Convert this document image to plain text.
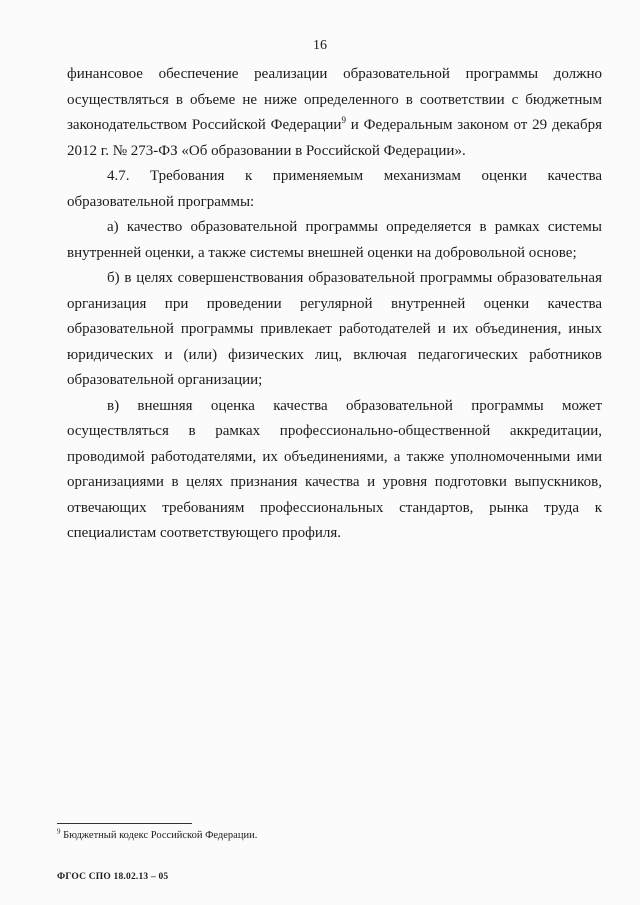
16

финансовое обеспечение реализации образовательной программы должно осуществляться в объеме не ниже определенного в соответствии с бюджетным законодательством Российской Федерации$^9$ и Федеральным законом от 29 декабря 2012 г. № 273-ФЗ «Об образовании в Российской Федерации».

4.7. Требования к применяемым механизмам оценки качества образовательной программы:

а) качество образовательной программы определяется в рамках системы внутренней оценки, а также системы внешней оценки на добровольной основе;

б) в целях совершенствования образовательной программы образовательная организация при проведении регулярной внутренней оценки качества образовательной программы привлекает работодателей и их объединения, иных юридических и (или) физических лиц, включая педагогических работников образовательной организации;

в) внешняя оценка качества образовательной программы может осуществляться в рамках профессионально-общественной аккредитации, проводимой работодателями, их объединениями, а также уполномоченными ими организациями в целях признания качества и уровня подготовки выпускников, отвечающих требованиям профессиональных стандартов, рынка труда к специалистам соответствующего профиля.

$^9$ Бюджетный кодекс Российской Федерации.
ФГОС СПО 18.02.13 – 05
